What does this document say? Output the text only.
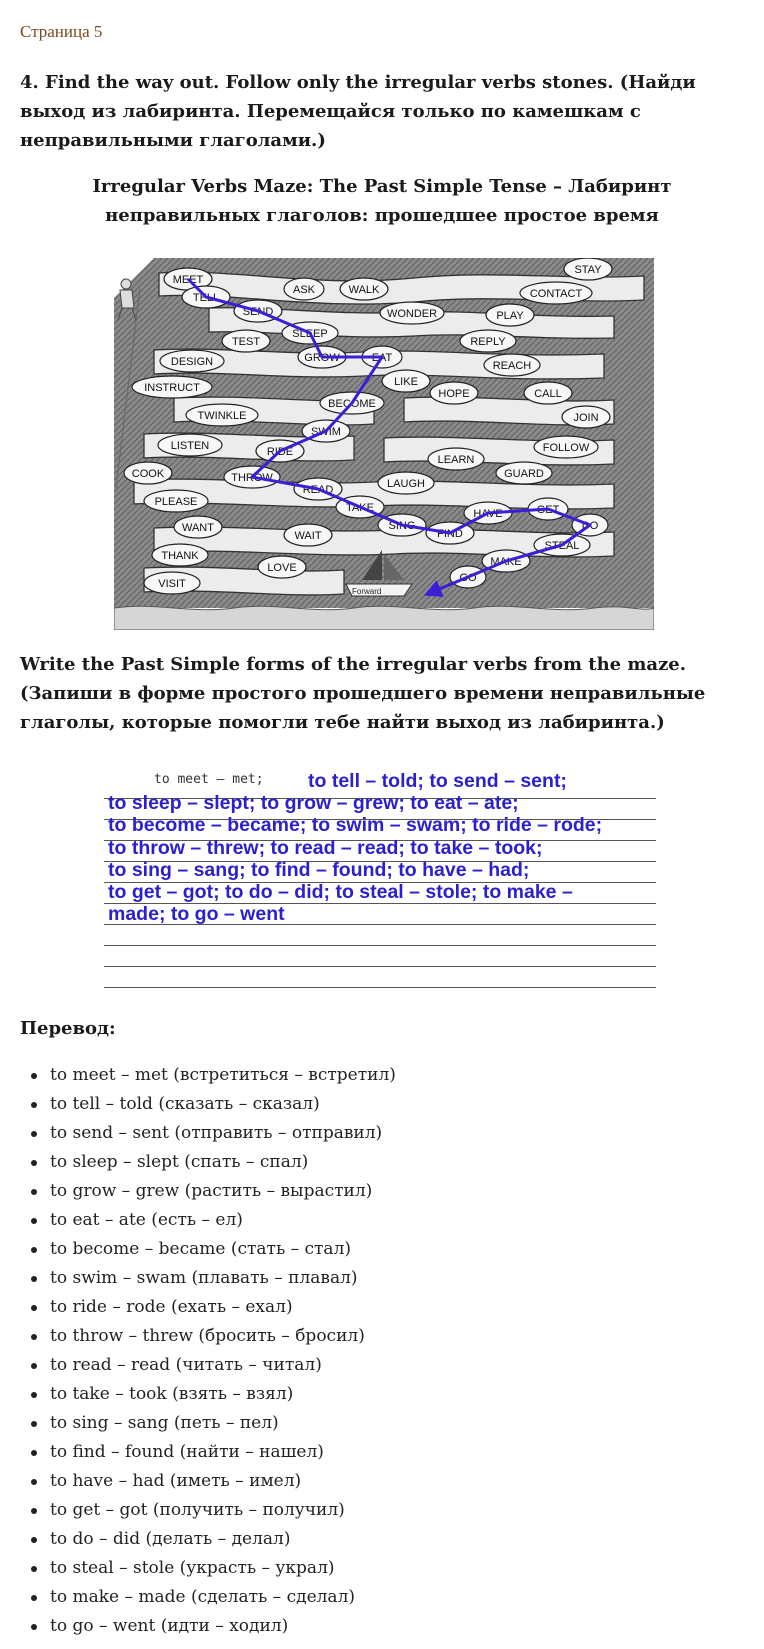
Страница 5
4. Find the way out. Follow only the irregular verbs stones. (Найди выход из лабиринта. Перемещайся только по камешкам с неправильными глаголами.)
Irregular Verbs Maze: The Past Simple Tense – Лабиринт неправильных глаголов: прошедшее простое время
Forward
MEET
TELL
SEND
TEST
SLEEP
ASK	WALK
WONDER
STAY
CONTACT
PLAY
REPLY
REACH
CALL
JOIN
FOLLOW
GUARD
DESIGN
INSTRUCT
TWINKLE
LISTEN
COOK
PLEASE
WANT
THANK
VISIT
GROW	EAT
LIKE
HOPE
BECOME
SWIM
RIDE
THROW
READ
LEARN
LAUGH
TAKE
SING
FIND
HAVE	GET
DO
STEAL
MAKE
GO
WAIT
LOVE
Write the Past Simple forms of the irregular verbs from the maze. (Запиши в форме простого прошедшего времени неправильные глаголы, которые помогли тебе найти выход из лабиринта.)
to meet – met;	to tell – told; to send – sent;
to sleep – slept; to grow – grew; to eat – ate;
to become – became; to swim – swam; to ride – rode;
to throw – threw; to read – read; to take – took;
to sing – sang; to find – found; to have – had;
to get – got; to do – did; to steal – stole; to make –
made; to go – went
Перевод:
to meet – met (встретиться – встретил)
to tell – told (сказать – сказал)
to send – sent (отправить – отправил)
to sleep – slept (спать – спал)
to grow – grew (растить – вырастил)
to eat – ate (есть – ел)
to become – became (стать – стал)
to swim – swam (плавать – плавал)
to ride – rode (ехать – ехал)
to throw – threw (бросить – бросил)
to read – read (читать – читал)
to take – took (взять – взял)
to sing – sang (петь – пел)
to find – found (найти – нашел)
to have – had (иметь – имел)
to get – got (получить – получил)
to do – did (делать – делал)
to steal – stole (украсть – украл)
to make – made (сделать – сделал)
to go – went (идти – ходил)
